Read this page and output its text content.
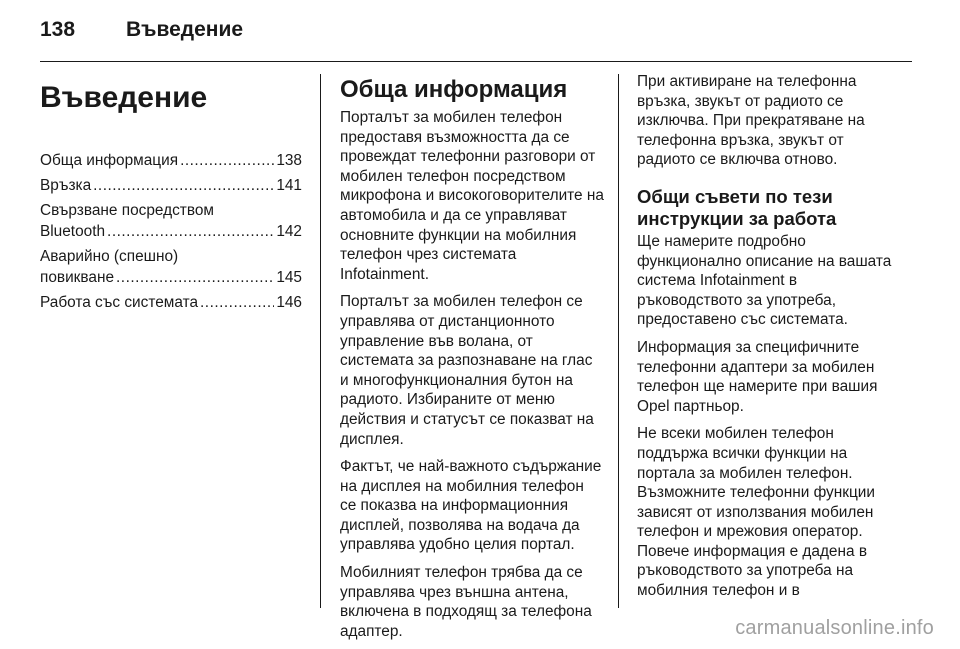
138	Въведение
Въведение
Обща информация .....	138
Връзка .....	141
Свързване посредством
Bluetooth .....	142
Аварийно (спешно)
повикване .....	145
Работа със системата .....	146
Обща информация

Порталът за мобилен телефон предоставя възможността да се провеждат телефонни разговори от мобилен телефон посредством микрофона и високоговорителите на автомобила и да се управляват основните функции на мобилния телефон чрез системата Infotainment.

Порталът за мобилен телефон се управлява от дистанционното управление във волана, от системата за разпознаване на глас и многофункционалния бутон на радиото. Избираните от меню действия и статусът се показват на дисплея.

Фактът, че най-важното съдържание на дисплея на мобилния телефон се показва на информационния дисплей, позволява на водача да управлява удобно целия портал.

Мобилният телефон трябва да се управлява чрез външна антена, включена в подходящ за телефона адаптер.

При активиране на телефонна връзка, звукът от радиото се изключва. При прекратяване на телефонна връзка, звукът от радиото се включва отново.

Общи съвети по тези инструкции за работа

Ще намерите подробно функционално описание на вашата система Infotainment в ръководството за употреба, предоставено със системата.

Информация за специфичните телефонни адаптери за мобилен телефон ще намерите при вашия Opel партньор.

Не всеки мобилен телефон поддържа всички функции на портала за мобилен телефон. Възможните телефонни функции зависят от използвания мобилен телефон и мрежовия оператор. Повече информация е дадена в ръководството за употреба на мобилния телефон и в

carmanualsonline.info
